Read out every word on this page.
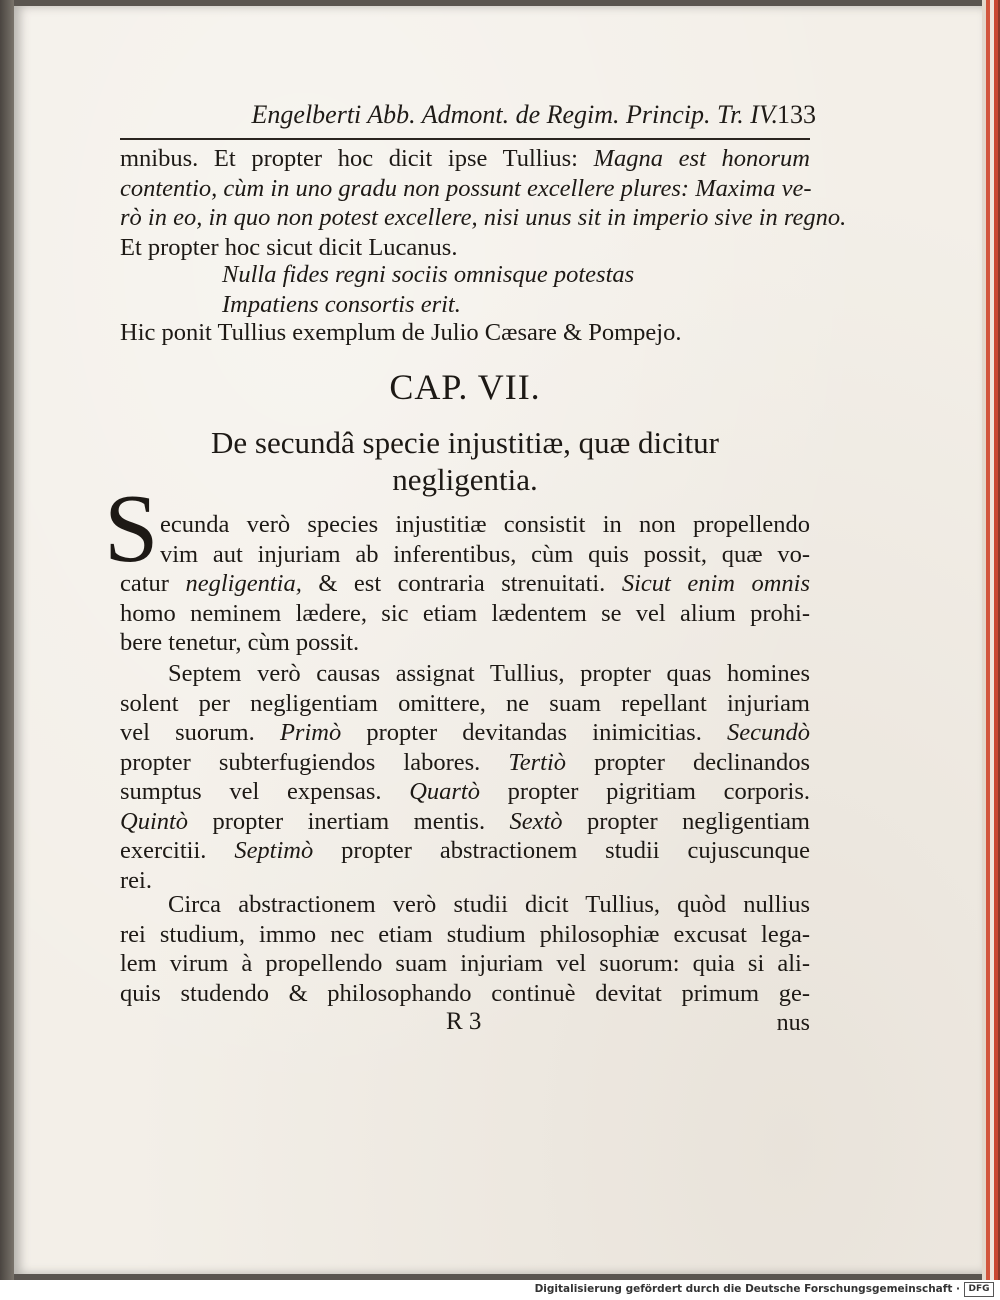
Engelberti Abb. Admont. de Regim. Princip. Tr. IV. 133
mnibus. Et propter hoc dicit ipse Tullius: Magna est honorum
contentio, cùm in uno gradu non possunt excellere plures: Maxima ve-
rò in eo, in quo non potest excellere, nisi unus sit in imperio sive in regno.
Et propter hoc sicut dicit Lucanus.
Nulla fides regni sociis omnisque potestas
Impatiens consortis erit.
Hic ponit Tullius exemplum de Julio Cæsare & Pompejo.
CAP. VII.
De secundâ specie injustitiæ, quæ dicitur
negligentia.
S ecunda verò species injustitiæ consistit in non propellendo
vim aut injuriam ab inferentibus, cùm quis possit, quæ vo-
catur negligentia, & est contraria strenuitati. Sicut enim omnis
homo neminem lædere, sic etiam lædentem se vel alium prohi-
bere tenetur, cùm possit.
Septem verò causas assignat Tullius, propter quas homines
solent per negligentiam omittere, ne suam repellant injuriam
vel suorum. Primò propter devitandas inimicitias. Secundò
propter subterfugiendos labores. Tertiò propter declinandos
sumptus vel expensas. Quartò propter pigritiam corporis.
Quintò propter inertiam mentis. Sextò propter negligentiam
exercitii. Septimò propter abstractionem studii cujuscunque
rei.
Circa abstractionem verò studii dicit Tullius, quòd nullius
rei studium, immo nec etiam studium philosophiæ excusat lega-
lem virum à propellendo suam injuriam vel suorum: quia si ali-
quis studendo & philosophando continuè devitat primum ge-
R 3	nus
Digitalisierung gefördert durch die Deutsche Forschungsgemeinschaft · DFG
